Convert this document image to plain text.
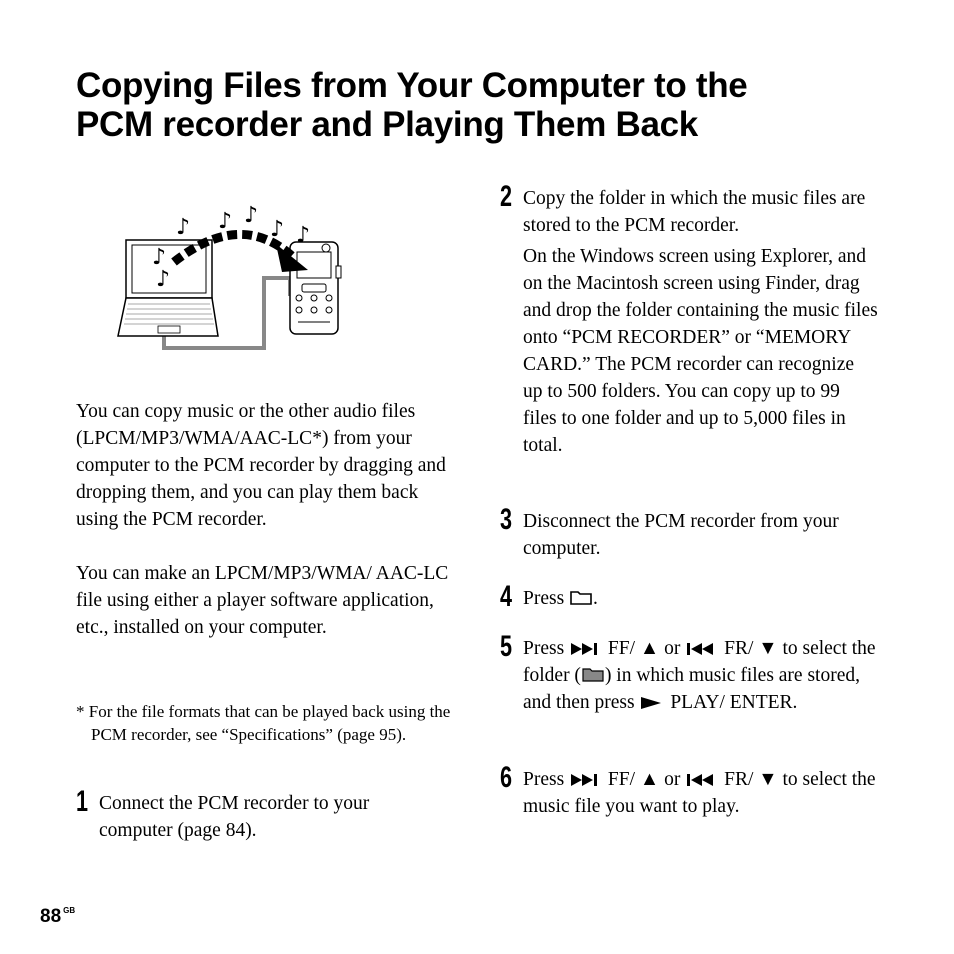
Copying Files from Your Computer to the
PCM recorder and Playing Them Back
♪ ♪ ♪
♪ ♪
♪
♪

You can copy music or the other audio files (LPCM/MP3/WMA/AAC-LC*) from your computer to the PCM recorder by dragging and dropping them, and you can play them back using the PCM recorder.

You can make an LPCM/MP3/WMA/ AAC-LC file using either a player software application, etc., installed on your computer.

* For the file formats that can be played back using the PCM recorder, see “Specifications” (page 95).
1 Connect the PCM recorder to your computer (page 84).

2 Copy the folder in which the music files are stored to the PCM recorder.

On the Windows screen using Explorer, and on the Macintosh screen using Finder, drag and drop the folder containing the music files onto “PCM RECORDER” or “MEMORY CARD.” The PCM recorder can recognize up to 500 folders. You can copy up to 99 files to one folder and up to 5,000 files in total.

3 Disconnect the PCM recorder from your computer.

4 Press .

5 Press FF/ ▲ or FR/ ▼ to select the folder ( ) in which music files are stored, and then press PLAY/ ENTER.

6 Press FF/ ▲ or FR/ ▼ to select the music file you want to play.

88 $^{GB}$
